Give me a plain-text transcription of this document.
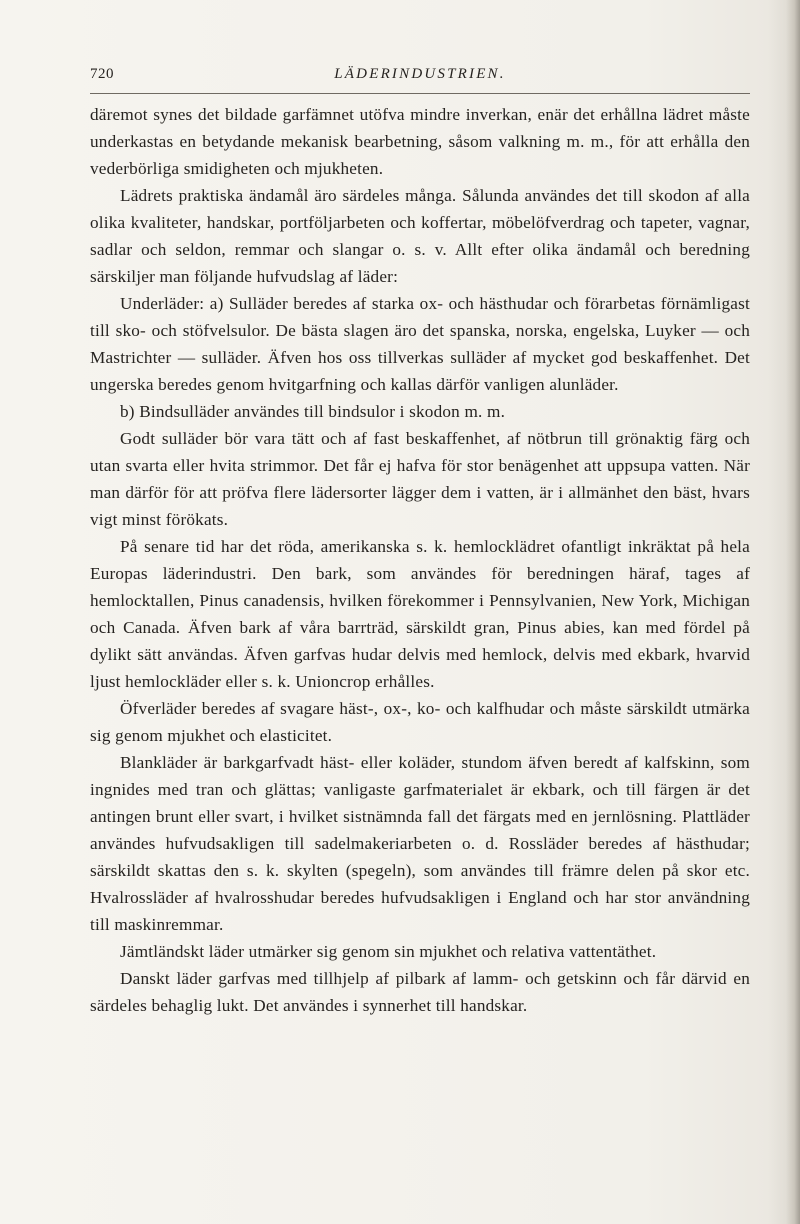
720	LÄDERINDUSTRIEN.

däremot synes det bildade garfämnet utöfva mindre inverkan, enär det erhållna lädret måste underkastas en betydande mekanisk bearbetning, såsom valkning m. m., för att erhålla den vederbörliga smidigheten och mjukheten.

Lädrets praktiska ändamål äro särdeles många. Sålunda användes det till skodon af alla olika kvaliteter, handskar, portföljarbeten och koffertar, möbelöfverdrag och tapeter, vagnar, sadlar och seldon, remmar och slangar o. s. v. Allt efter olika ändamål och beredning särskiljer man följande hufvudslag af läder:

Underläder: a) Sulläder beredes af starka ox- och hästhudar och förarbetas förnämligast till sko- och stöfvelsulor. De bästa slagen äro det spanska, norska, engelska, Luyker — och Mastrichter — sulläder. Äfven hos oss tillverkas sulläder af mycket god beskaffenhet. Det ungerska beredes genom hvitgarfning och kallas därför vanligen alunläder.

b) Bindsulläder användes till bindsulor i skodon m. m.

Godt sulläder bör vara tätt och af fast beskaffenhet, af nötbrun till grönaktig färg och utan svarta eller hvita strimmor. Det får ej hafva för stor benägenhet att uppsupa vatten. När man därför för att pröfva flere lädersorter lägger dem i vatten, är i allmänhet den bäst, hvars vigt minst förökats.

På senare tid har det röda, amerikanska s. k. hemlocklädret ofantligt inkräktat på hela Europas läderindustri. Den bark, som användes för beredningen häraf, tages af hemlocktallen, Pinus canadensis, hvilken förekommer i Pennsylvanien, New York, Michigan och Canada. Äfven bark af våra barrträd, särskildt gran, Pinus abies, kan med fördel på dylikt sätt användas. Äfven garfvas hudar delvis med hemlock, delvis med ekbark, hvarvid ljust hemlockläder eller s. k. Unioncrop erhålles.

Öfverläder beredes af svagare häst-, ox-, ko- och kalfhudar och måste särskildt utmärka sig genom mjukhet och elasticitet.

Blankläder är barkgarfvadt häst- eller koläder, stundom äfven beredt af kalfskinn, som ingnides med tran och glättas; vanligaste garfmaterialet är ekbark, och till färgen är det antingen brunt eller svart, i hvilket sistnämnda fall det färgats med en jernlösning. Plattläder användes hufvudsakligen till sadelmakeriarbeten o. d. Rossläder beredes af hästhudar; särskildt skattas den s. k. skylten (spegeln), som användes till främre delen på skor etc. Hvalrossläder af hvalrosshudar beredes hufvudsakligen i England och har stor användning till maskinremmar.

Jämtländskt läder utmärker sig genom sin mjukhet och relativa vattentäthet.

Danskt läder garfvas med tillhjelp af pilbark af lamm- och getskinn och får därvid en särdeles behaglig lukt. Det användes i synnerhet till handskar.
